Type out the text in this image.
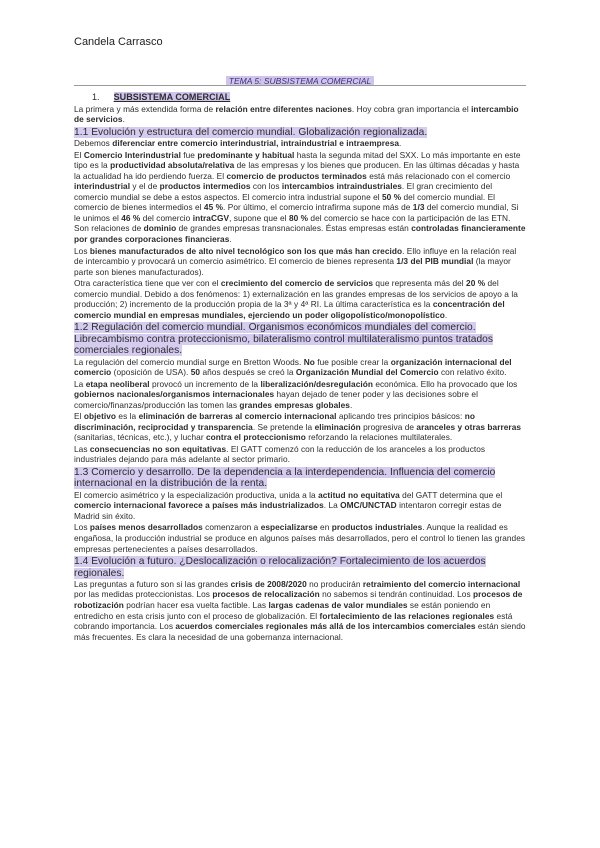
Candela Carrasco
TEMA 5: SUBSISTEMA COMERCIAL

1. SUBSISTEMA COMERCIAL

La primera y más extendida forma de relación entre diferentes naciones. Hoy cobra gran importancia el intercambio de servicios.

1.1 Evolución y estructura del comercio mundial. Globalización regionalizada.

Debemos diferenciar entre comercio interindustrial, intraindustrial e intraempresa.

El Comercio Interindustrial fue predominante y habitual hasta la segunda mitad del SXX. Lo más importante en este tipo es la productividad absoluta/relativa de las empresas y los bienes que producen. En las últimas décadas y hasta la actualidad ha ido perdiendo fuerza. El comercio de productos terminados está más relacionado con el comercio interindustrial y el de productos intermedios con los intercambios intraindustriales. El gran crecimiento del comercio mundial se debe a estos aspectos. El comercio intra industrial supone el 50 % del comercio mundial. El comercio de bienes intermedios el 45 %. Por último, el comercio intrafirma supone más de 1/3 del comercio mundial, Si le unimos el 46 % del comercio intraCGV, supone que el 80 % del comercio se hace con la participación de las ETN. Son relaciones de dominio de grandes empresas transnacionales. Éstas empresas están controladas financieramente por grandes corporaciones financieras.

Los bienes manufacturados de alto nivel tecnológico son los que más han crecido. Ello influye en la relación real de intercambio y provocará un comercio asimétrico. El comercio de bienes representa 1/3 del PIB mundial (la mayor parte son bienes manufacturados).

Otra característica tiene que ver con el crecimiento del comercio de servicios que representa más del 20 % del comercio mundial. Debido a dos fenómenos: 1) externalización en las grandes empresas de los servicios de apoyo a la producción; 2) incremento de la producción propia de la 3ª y 4ª RI. La última característica es la concentración del comercio mundial en empresas mundiales, ejerciendo un poder oligopolístico/monopolístico.

1.2 Regulación del comercio mundial. Organismos económicos mundiales del comercio. Librecambismo contra proteccionismo, bilateralismo control multilateralismo puntos tratados comerciales regionales.

La regulación del comercio mundial surge en Bretton Woods. No fue posible crear la organización internacional del comercio (oposición de USA). 50 años después se creó la Organización Mundial del Comercio con relativo éxito.

La etapa neoliberal provocó un incremento de la liberalización/desregulación económica. Ello ha provocado que los gobiernos nacionales/organismos internacionales hayan dejado de tener poder y las decisiones sobre el comercio/finanzas/producción las tomen las grandes empresas globales.

El objetivo es la eliminación de barreras al comercio internacional aplicando tres principios básicos: no discriminación, reciprocidad y transparencia. Se pretende la eliminación progresiva de aranceles y otras barreras (sanitarias, técnicas, etc.), y luchar contra el proteccionismo reforzando la relaciones multilaterales.

Las consecuencias no son equitativas. El GATT comenzó con la reducción de los aranceles a los productos industriales dejando para más adelante al sector primario.

1.3 Comercio y desarrollo. De la dependencia a la interdependencia. Influencia del comercio internacional en la distribución de la renta.

El comercio asimétrico y la especialización productiva, unida a la actitud no equitativa del GATT determina que el comercio internacional favorece a países más industrializados. La OMC/UNCTAD intentaron corregir estas de Madrid sin éxito.

Los países menos desarrollados comenzaron a especializarse en productos industriales. Aunque la realidad es engañosa, la producción industrial se produce en algunos países más desarrollados, pero el control lo tienen las grandes empresas pertenecientes a países desarrollados.

1.4 Evolución a futuro. ¿Deslocalización o relocalización? Fortalecimiento de los acuerdos regionales.

Las preguntas a futuro son si las grandes crisis de 2008/2020 no producirán retraimiento del comercio internacional por las medidas proteccionistas. Los procesos de relocalización no sabemos si tendrán continuidad. Los procesos de robotización podrían hacer esa vuelta factible. Las largas cadenas de valor mundiales se están poniendo en entredicho en esta crisis junto con el proceso de globalización. El fortalecimiento de las relaciones regionales está cobrando importancia. Los acuerdos comerciales regionales más allá de los intercambios comerciales están siendo más frecuentes. Es clara la necesidad de una gobernanza internacional.
